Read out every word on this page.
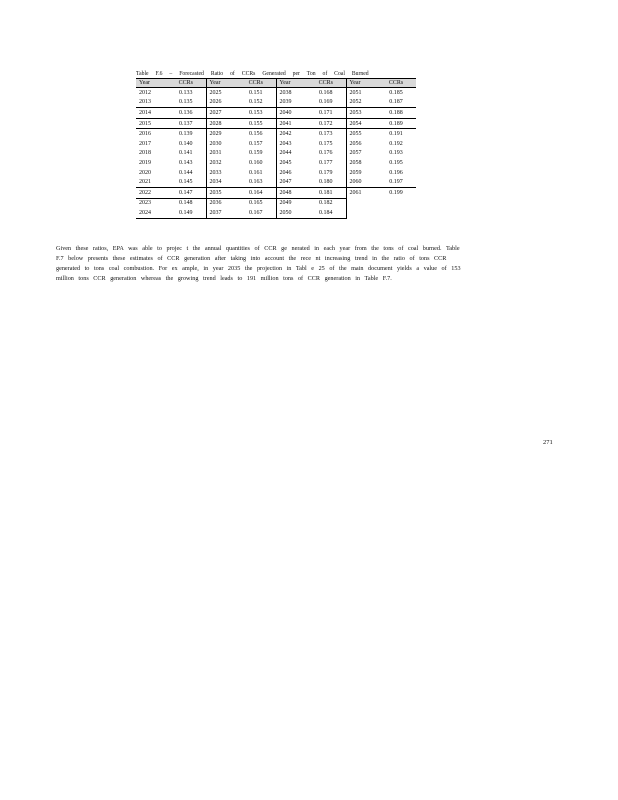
Table F.6 – Forecasted Ratio of CCRs Generated per Ton of Coal Burned
Year	CCRs	Year	CCRs	Year	CCRs	Year	CCRs
2012	0.133	2025	0.151	2038	0.168	2051	0.185
2013	0.135	2026	0.152	2039	0.169	2052	0.187
2014	0.136	2027	0.153	2040	0.171	2053	0.188
2015	0.137	2028	0.155	2041	0.172	2054	0.189
2016	0.139	2029	0.156	2042	0.173	2055	0.191
2017	0.140	2030	0.157	2043	0.175	2056	0.192
2018	0.141	2031	0.159	2044	0.176	2057	0.193
2019	0.143	2032	0.160	2045	0.177	2058	0.195
2020	0.144	2033	0.161	2046	0.179	2059	0.196
2021	0.145	2034	0.163	2047	0.180	2060	0.197
2022	0.147	2035	0.164	2048	0.181	2061	0.199
2023	0.148	2036	0.165	2049	0.182		
2024	0.149	2037	0.167	2050	0.184		
Given these ratios, EPA was able to projec t the annual quantities of CCR ge nerated in each year from the tons of coal burned. Table
F.7 below presents these estimates of CCR generation after taking into account the rece nt increasing trend in the ratio of tons CCR
generated to tons coal combustion. For ex ample, in year 2035 the projection in Tabl e 25 of the main document yields a value of 153
million tons CCR generation whereas the growing trend leads to 191 million tons of CCR generation in Table F.7.
271
